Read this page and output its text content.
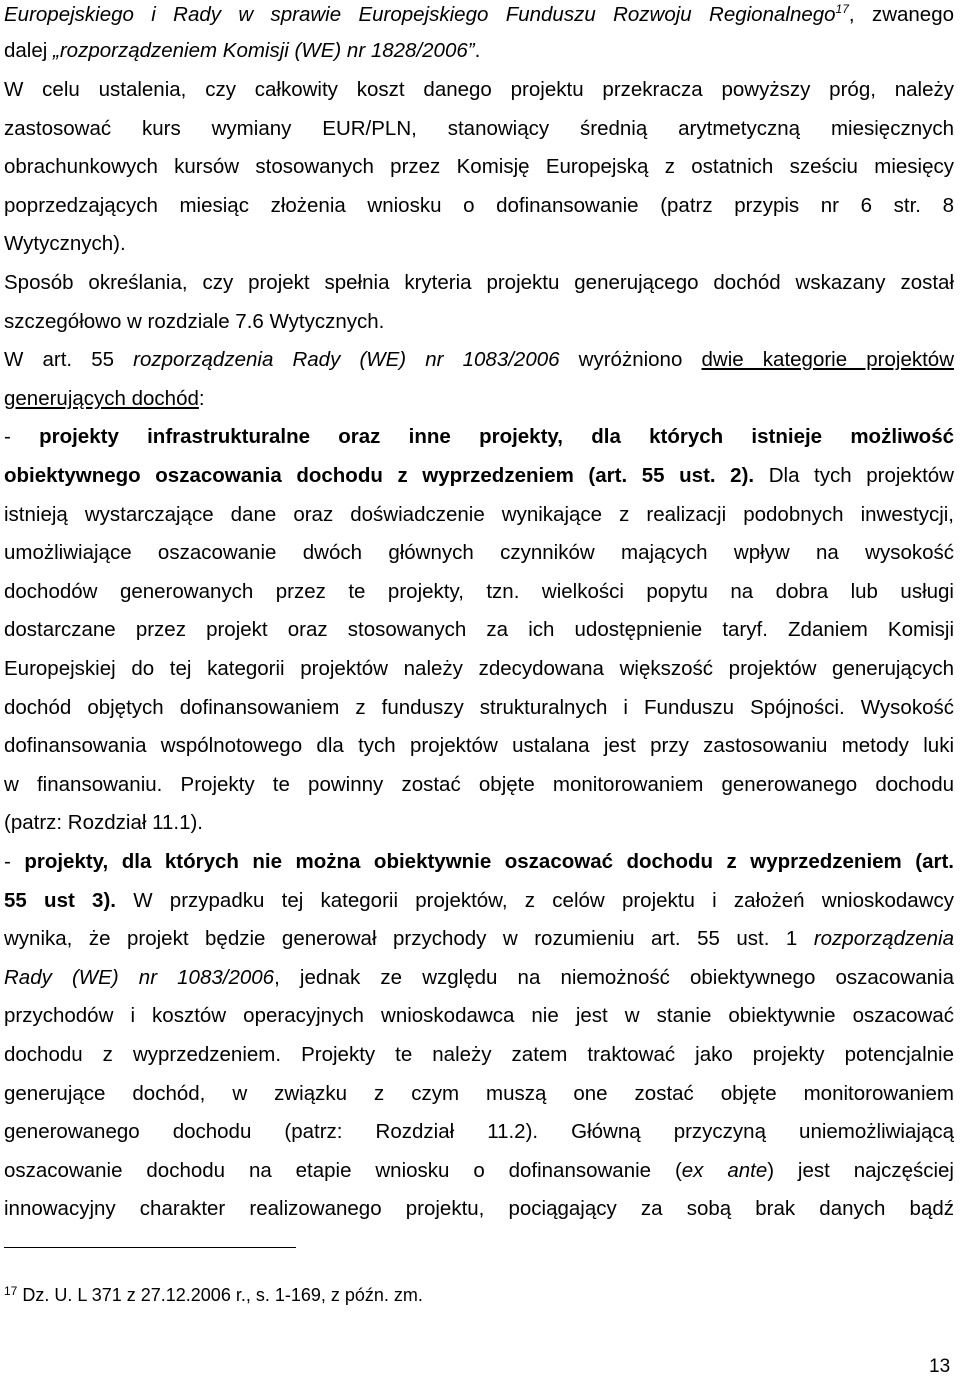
Europejskiego i Rady w sprawie Europejskiego Funduszu Rozwoju Regionalnego$^{17}$, zwanego
dalej „rozporządzeniem Komisji (WE) nr 1828/2006”.
W celu ustalenia, czy całkowity koszt danego projektu przekracza powyższy próg, należy
zastosować kurs wymiany EUR/PLN, stanowiący średnią arytmetyczną miesięcznych
obrachunkowych kursów stosowanych przez Komisję Europejską z ostatnich sześciu miesięcy
poprzedzających miesiąc złożenia wniosku o dofinansowanie (patrz przypis nr 6 str. 8
Wytycznych).
Sposób określania, czy projekt spełnia kryteria projektu generującego dochód wskazany został
szczegółowo w rozdziale 7.6 Wytycznych.
W art. 55 rozporządzenia Rady (WE) nr 1083/2006 wyróżniono dwie kategorie projektów
generujących dochód:
- projekty infrastrukturalne oraz inne projekty, dla których istnieje możliwość
obiektywnego oszacowania dochodu z wyprzedzeniem (art. 55 ust. 2). Dla tych projektów
istnieją wystarczające dane oraz doświadczenie wynikające z realizacji podobnych inwestycji,
umożliwiające oszacowanie dwóch głównych czynników mających wpływ na wysokość
dochodów generowanych przez te projekty, tzn. wielkości popytu na dobra lub usługi
dostarczane przez projekt oraz stosowanych za ich udostępnienie taryf. Zdaniem Komisji
Europejskiej do tej kategorii projektów należy zdecydowana większość projektów generujących
dochód objętych dofinansowaniem z funduszy strukturalnych i Funduszu Spójności. Wysokość
dofinansowania wspólnotowego dla tych projektów ustalana jest przy zastosowaniu metody luki
w finansowaniu. Projekty te powinny zostać objęte monitorowaniem generowanego dochodu
(patrz: Rozdział 11.1).
- projekty, dla których nie można obiektywnie oszacować dochodu z wyprzedzeniem (art.
55 ust 3). W przypadku tej kategorii projektów, z celów projektu i założeń wnioskodawcy
wynika, że projekt będzie generował przychody w rozumieniu art. 55 ust. 1 rozporządzenia
Rady (WE) nr 1083/2006, jednak ze względu na niemożność obiektywnego oszacowania
przychodów i kosztów operacyjnych wnioskodawca nie jest w stanie obiektywnie oszacować
dochodu z wyprzedzeniem. Projekty te należy zatem traktować jako projekty potencjalnie
generujące dochód, w związku z czym muszą one zostać objęte monitorowaniem
generowanego dochodu (patrz: Rozdział 11.2). Główną przyczyną uniemożliwiającą
oszacowanie dochodu na etapie wniosku o dofinansowanie (ex ante) jest najczęściej
innowacyjny charakter realizowanego projektu, pociągający za sobą brak danych bądź
$^{17}$ Dz. U. L 371 z 27.12.2006 r., s. 1-169, z późn. zm.
13
